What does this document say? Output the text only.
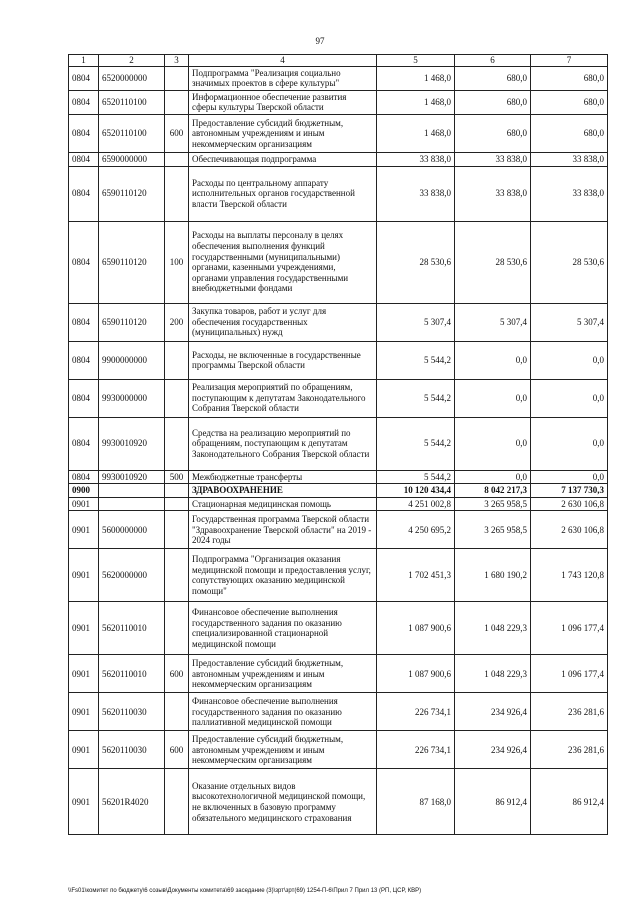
97
1	2	3	4	5	6	7
0804	6520000000		Подпрограмма "Реализация социально значимых проектов в сфере культуры"	1 468,0	680,0	680,0
0804	6520110100		Информационное обеспечение развития сферы культуры Тверской области	1 468,0	680,0	680,0
0804	6520110100	600	Предоставление субсидий бюджетным, автономным учреждениям и иным некоммерческим организациям	1 468,0	680,0	680,0
0804	6590000000		Обеспечивающая подпрограмма	33 838,0	33 838,0	33 838,0
0804	6590110120		Расходы по центральному аппарату исполнительных органов государственной власти Тверской области	33 838,0	33 838,0	33 838,0
0804	6590110120	100	Расходы на выплаты персоналу в целях обеспечения выполнения функций государственными (муниципальными) органами, казенными учреждениями, органами управления государственными внебюджетными фондами	28 530,6	28 530,6	28 530,6
0804	6590110120	200	Закупка товаров, работ и услуг для обеспечения государственных (муниципальных) нужд	5 307,4	5 307,4	5 307,4
0804	9900000000		Расходы, не включенные в государственные программы Тверской области	5 544,2	0,0	0,0
0804	9930000000		Реализация мероприятий по обращениям, поступающим к депутатам Законодательного Собрания Тверской области	5 544,2	0,0	0,0
0804	9930010920		Средства на реализацию мероприятий по обращениям, поступающим к депутатам Законодательного Собрания Тверской области	5 544,2	0,0	0,0
0804	9930010920	500	Межбюджетные трансферты	5 544,2	0,0	0,0
0900			ЗДРАВООХРАНЕНИЕ	10 120 434,4	8 042 217,3	7 137 730,3
0901			Стационарная медицинская помощь	4 251 002,8	3 265 958,5	2 630 106,8
0901	5600000000		Государственная программа Тверской области "Здравоохранение Тверской области" на 2019 - 2024 годы	4 250 695,2	3 265 958,5	2 630 106,8
0901	5620000000		Подпрограмма "Организация оказания медицинской помощи и предоставления услуг, сопутствующих оказанию медицинской помощи"	1 702 451,3	1 680 190,2	1 743 120,8
0901	5620110010		Финансовое обеспечение выполнения государственного задания по оказанию специализированной стационарной медицинской помощи	1 087 900,6	1 048 229,3	1 096 177,4
0901	5620110010	600	Предоставление субсидий бюджетным, автономным учреждениям и иным некоммерческим организациям	1 087 900,6	1 048 229,3	1 096 177,4
0901	5620110030		Финансовое обеспечение выполнения государственного задания по оказанию паллиативной медицинской помощи	226 734,1	234 926,4	236 281,6
0901	5620110030	600	Предоставление субсидий бюджетным, автономным учреждениям и иным некоммерческим организациям	226 734,1	234 926,4	236 281,6
0901	56201R4020		Оказание отдельных видов высокотехнологичной медицинской помощи, не включенных в базовую программу обязательного медицинского страхования	87 168,0	86 912,4	86 912,4
\\Fs01\комитет по бюджету\6 созыв\Документы комитета\69 заседание (3)\зрт\зрт(69) 1254-П-6\Прил 7 Прил 13 (РП, ЦСР, КВР)
